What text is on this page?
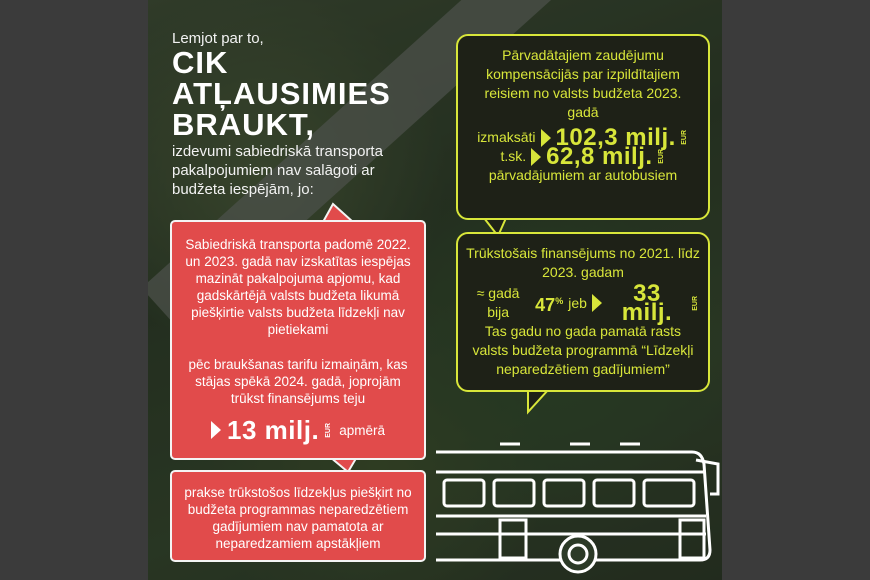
Lemjot par to,
CIK
ATĻAUSIMIES
BRAUKT,
izdevumi sabiedriskā transporta pakalpojumiem nav salāgoti ar budžeta iespējām, jo:

Sabiedriskā transporta padomē 2022. un 2023. gadā nav izskatītas iespējas mazināt pakalpojuma apjomu, kad gadskārtējā valsts budžeta likumā piešķirtie valsts budžeta līdzekļi nav pietiekami

pēc braukšanas tarifu izmaiņām, kas stājas spēkā 2024. gadā, joprojām trūkst finansējums teju

13 milj. EUR apmērā

prakse trūkstošos līdzekļus piešķirt no budžeta programmas neparedzētiem gadījumiem nav pamatota ar neparedzamiem apstākļiem

Pārvadātajiem zaudējumu kompensācijās par izpildītajiem reisiem no valsts budžeta 2023. gadā

izmaksāti 102,3 milj. EUR
t.sk. 62,8 milj. EUR

pārvadājumiem ar autobusiem

Trūkstošais finansējums no 2021. līdz 2023. gadam

≈ gadā bija	47% jeb	33 milj.	EUR

Tas gadu no gada pamatā rasts valsts budžeta programmā “Līdzekļi neparedzētiem gadījumiem”
